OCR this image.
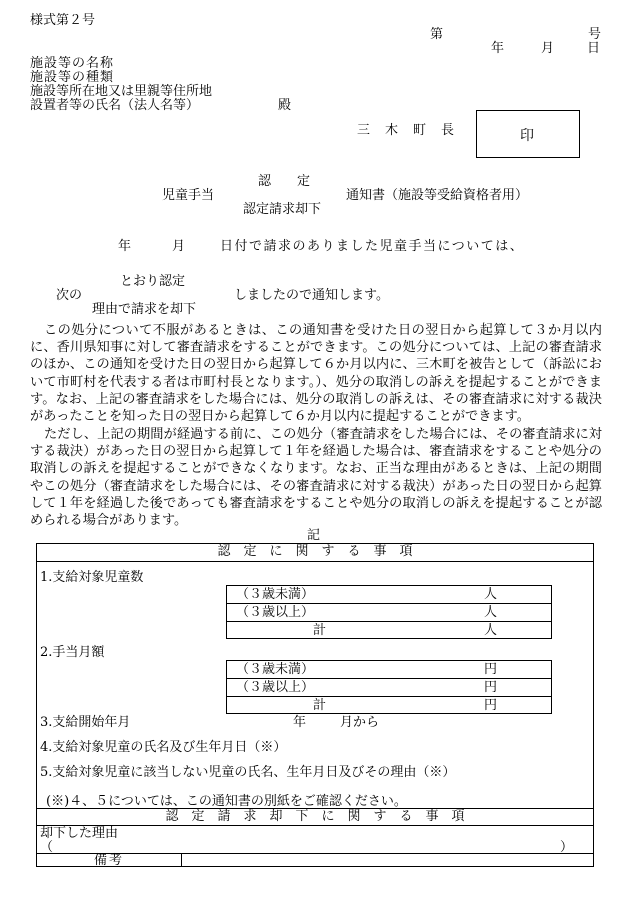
様式第２号
第	号
年	月	日
施設等の名称
施設等の種類
施設等所在地又は里親等住所地
設置者等の氏名（法人名等）	殿
三　木　町　長	印
認　　定
児童手当	通知書（施設等受給資格者用）
認定請求却下
年	月	日付で請求のありました児童手当については、
とおり認定
次の	しましたので通知します。
理由で請求を却下
この処分について不服があるときは、この通知書を受けた日の翌日から起算して３か月以内に、香川県知事に対して審査請求をすることができます。この処分については、上記の審査請求のほか、この通知を受けた日の翌日から起算して６か月以内に、三木町を被告として（訴訟において市町村を代表する者は市町村長となります。）、処分の取消しの訴えを提起することができます。なお、上記の審査請求をした場合には、処分の取消しの訴えは、その審査請求に対する裁決があったことを知った日の翌日から起算して６か月以内に提起することができます。
ただし、上記の期間が経過する前に、この処分（審査請求をした場合には、その審査請求に対する裁決）があった日の翌日から起算して１年を経過した場合は、審査請求をすることや処分の取消しの訴えを提起することができなくなります。なお、正当な理由があるときは、上記の期間やこの処分（審査請求をした場合には、その審査請求に対する裁決）があった日の翌日から起算して１年を経過した後であっても審査請求をすることや処分の取消しの訴えを提起することが認められる場合があります。
記
認　定　に　関　す　る　事　項
1.支給対象児童数
（３歳未満）	人
（３歳以上）	人
計	人
2.手当月額
（３歳未満）	円
（３歳以上）	円
計	円
3.支給開始年月	年	月から
4.支給対象児童の氏名及び生年月日（※）
5.支給対象児童に該当しない児童の氏名、生年月日及びその理由（※）
(※)４、５については、この通知書の別紙をご確認ください。
認　定　請　求　却　下　に　関　す　る　事　項
却下した理由
（	）
備考
